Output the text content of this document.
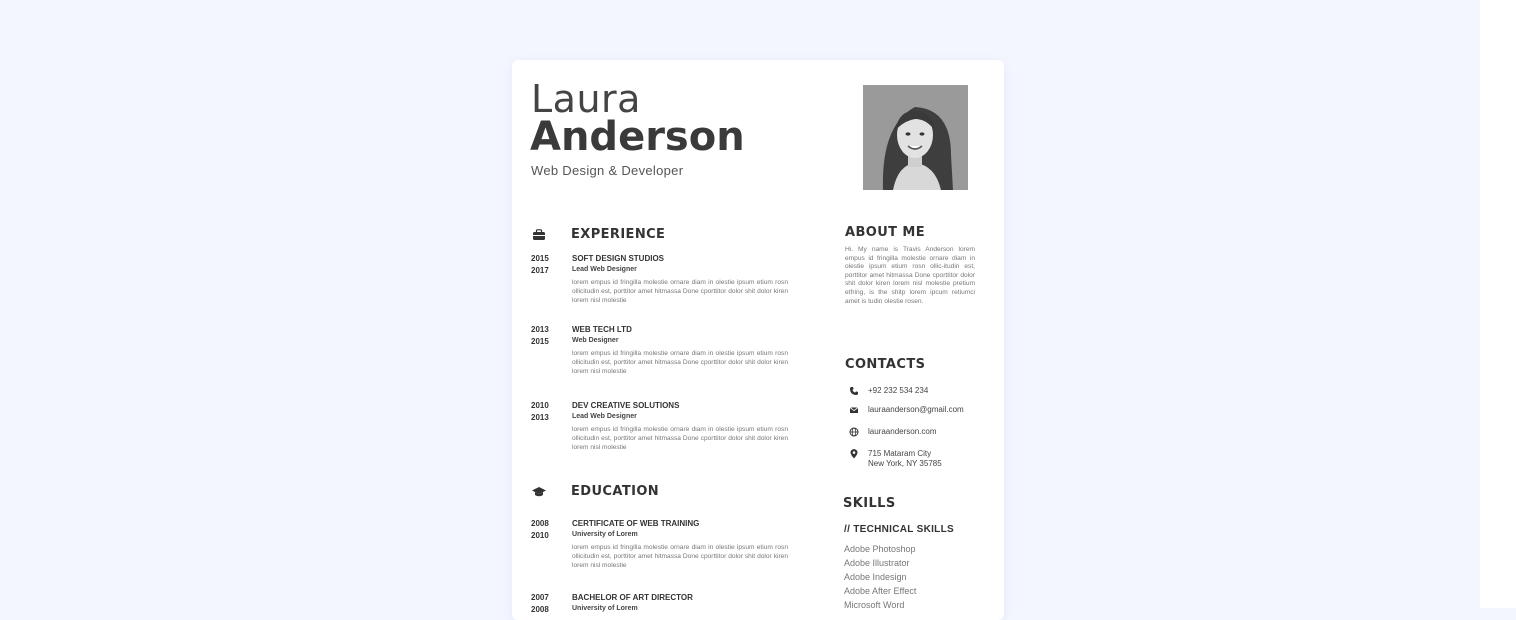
Laura
Anderson
Web Design & Developer
EXPERIENCE
2015
2017
SOFT DESIGN STUDIOS
Lead Web Designer
lorem empus id fringilla molestie ornare diam in olestie ipsum etium rosn ollicitudin est, porttitor amet hitmassa Done cporttitor dolor shit dolor kiren lorem nisl molestie
2013
2015
WEB TECH LTD
Web Designer
lorem empus id fringilla molestie ornare diam in olestie ipsum etium rosn ollicitudin est, porttitor amet hitmassa Done cporttitor dolor shit dolor kiren lorem nisl molestie
2010
2013
DEV CREATIVE SOLUTIONS
Lead Web Designer
lorem empus id fringilla molestie ornare diam in olestie ipsum etium rosn ollicitudin est, porttitor amet hitmassa Done cporttitor dolor shit dolor kiren lorem nisl molestie
EDUCATION
2008
2010
CERTIFICATE OF WEB TRAINING
University of Lorem
lorem empus id fringilla molestie ornare diam in olestie ipsum etium rosn ollicitudin est, porttitor amet hitmassa Done cporttitor dolor shit dolor kiren lorem nisl molestie
2007
2008
BACHELOR OF ART DIRECTOR
University of Lorem
ABOUT ME
Hi. My name is Travis Anderson lorem empus id fringilla molestie ornare diam in olestie ipsum etium rosn ollic-itudin est, porttitor amet hitmassa Done cporttitor dolor shit dolor kiren lorem nisl molestie pretium etfring, is the shitp lorem ipcum retiumci amet is tudin olestie rosen.
CONTACTS
+92 232 534 234
lauraanderson@gmail.com
lauraanderson.com
715 Mataram City
New York, NY 35785
SKILLS
// TECHNICAL SKILLS
Adobe Photoshop
Adobe Illustrator
Adobe Indesign
Adobe After Effect
Microsoft Word
